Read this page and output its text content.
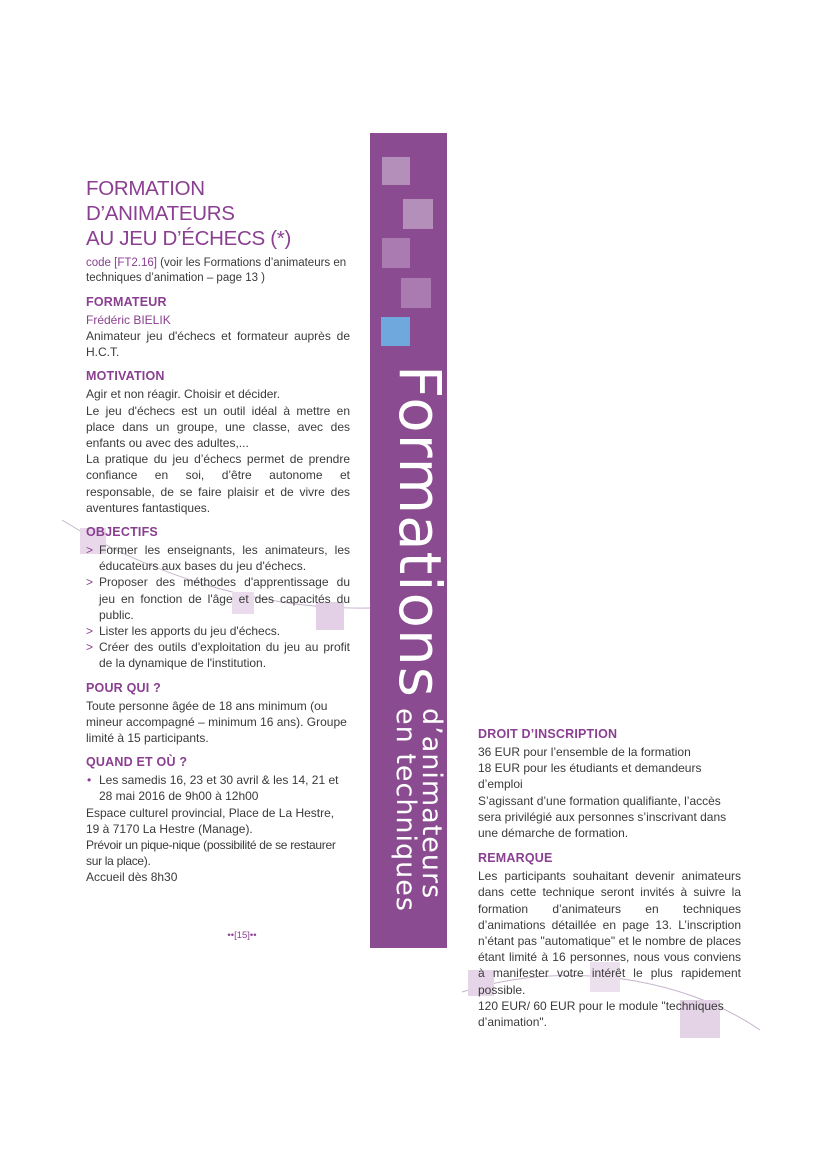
Formations
d’animateurs
en techniques
FORMATION D’ANIMATEURS
AU JEU D’ÉCHECS (*)
code [FT2.16] (voir les Formations d’animateurs en techniques d’animation – page 13 )
FORMATEUR
Frédéric BIELIK

Animateur jeu d'échecs et formateur auprès de H.C.T.

MOTIVATION

Agir et non réagir. Choisir et décider.

Le jeu d'échecs est un outil idéal à mettre en place dans un groupe, une classe, avec des enfants ou avec des adultes,...

La pratique du jeu d’échecs permet de prendre confiance en soi, d’être autonome et responsable, de se faire plaisir et de vivre des aventures fantastiques.

OBJECTIFS
> Former les enseignants, les animateurs, les éducateurs aux bases du jeu d'échecs.
> Proposer des méthodes d'apprentissage du jeu en fonction de l'âge et des capacités du public.
> Lister les apports du jeu d'échecs.
> Créer des outils d'exploitation du jeu au profit de la dynamique de l'institution.
POUR QUI ?

Toute personne âgée de 18 ans minimum (ou mineur accompagné – minimum 16 ans). Groupe limité à 15 participants.

QUAND ET OÙ ?
• Les samedis 16, 23 et 30 avril & les 14, 21 et 28 mai 2016 de 9h00 à 12h00

Espace culturel provincial, Place de La Hestre, 19 à 7170 La Hestre (Manage).

Prévoir un pique-nique (possibilité de se restaurer sur la place).

Accueil dès 8h30

••[15]••
DROIT D’INSCRIPTION

36 EUR pour l’ensemble de la formation

18 EUR pour les étudiants et demandeurs d’emploi

S’agissant d’une formation qualifiante, l’accès sera privilégié aux personnes s’inscrivant dans une démarche de formation.

REMARQUE

Les participants souhaitant devenir animateurs dans cette technique seront invités à suivre la formation d’animateurs en techniques d’animations détaillée en page 13. L’inscription n’étant pas "automatique" et le nombre de places étant limité à 16 personnes, nous vous conviens à manifester votre intérêt le plus rapidement possible.

120 EUR/ 60 EUR pour le module "techniques d’animation".
